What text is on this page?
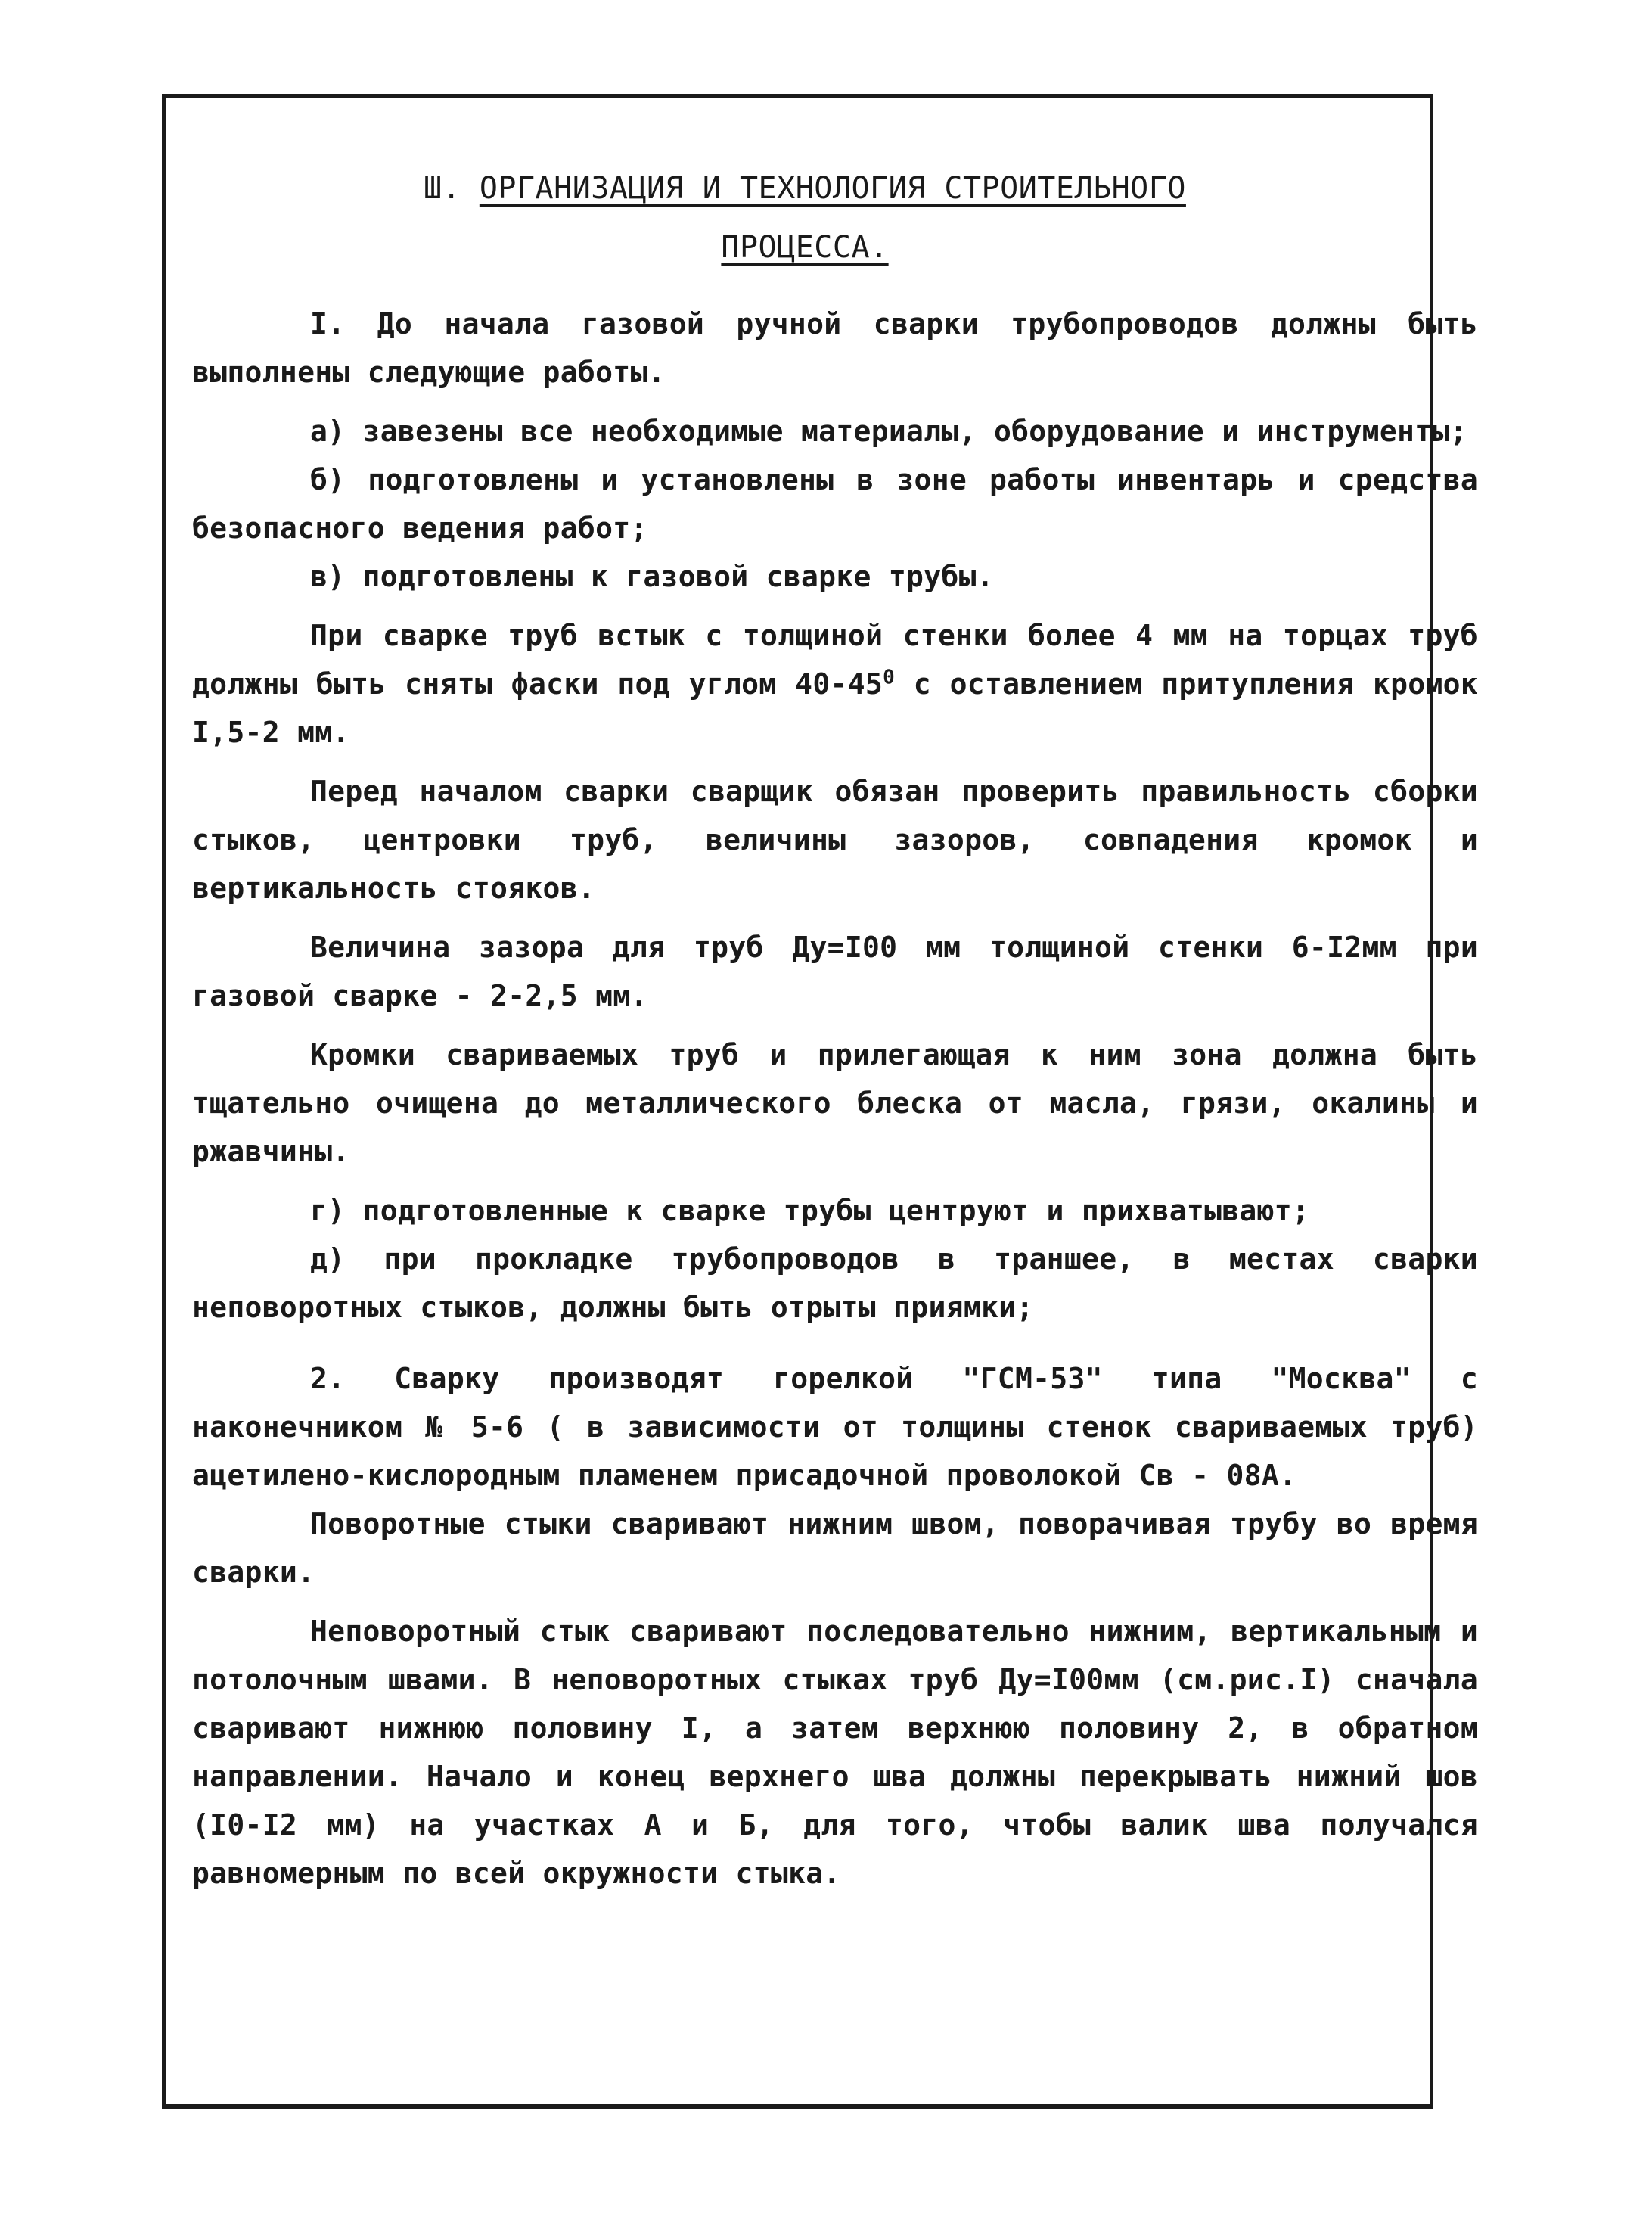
Ш. ОРГАНИЗАЦИЯ И ТЕХНОЛОГИЯ СТРОИТЕЛЬНОГО
ПРОЦЕССА.

I. До начала газовой ручной сварки трубопроводов должны быть выполнены следующие работы.

а) завезены все необходимые материалы, оборудование и инструменты;

б) подготовлены и установлены в зоне работы инвентарь и средства безопасного ведения работ;

в) подготовлены к газовой сварке трубы.

При сварке труб встык с толщиной стенки более 4 мм на торцах труб должны быть сняты фаски под углом $40-45^0$ с оставлением притупления кромок I,5-2 мм.

Перед началом сварки сварщик обязан проверить правильность сборки стыков, центровки труб, величины зазоров, совпадения кромок и вертикальность стояков.

Величина зазора для труб Ду=I00 мм толщиной стенки 6-I2мм при газовой сварке - 2-2,5 мм.

Кромки свариваемых труб и прилегающая к ним зона должна быть тщательно очищена до металлического блеска от масла, грязи, окалины и ржавчины.

г) подготовленные к сварке трубы центруют и прихватывают;

д) при прокладке трубопроводов в траншее, в местах сварки неповоротных стыков, должны быть отрыты приямки;

2. Сварку производят горелкой "ГСМ-53" типа "Москва" с наконечником № 5-6 ( в зависимости от толщины стенок свариваемых труб) ацетилено-кислородным пламенем присадочной проволокой Св - 08А.

Поворотные стыки сваривают нижним швом, поворачивая трубу во время сварки.

Неповоротный стык сваривают последовательно нижним, вертикальным и потолочным швами. В неповоротных стыках труб Ду=I00мм (см.рис.I) сначала сваривают нижнюю половину I, а затем верхнюю половину 2, в обратном направлении. Начало и конец верхнего шва должны перекрывать нижний шов (I0-I2 мм) на участках А и Б, для того, чтобы валик шва получался равномерным по всей окружности стыка.
